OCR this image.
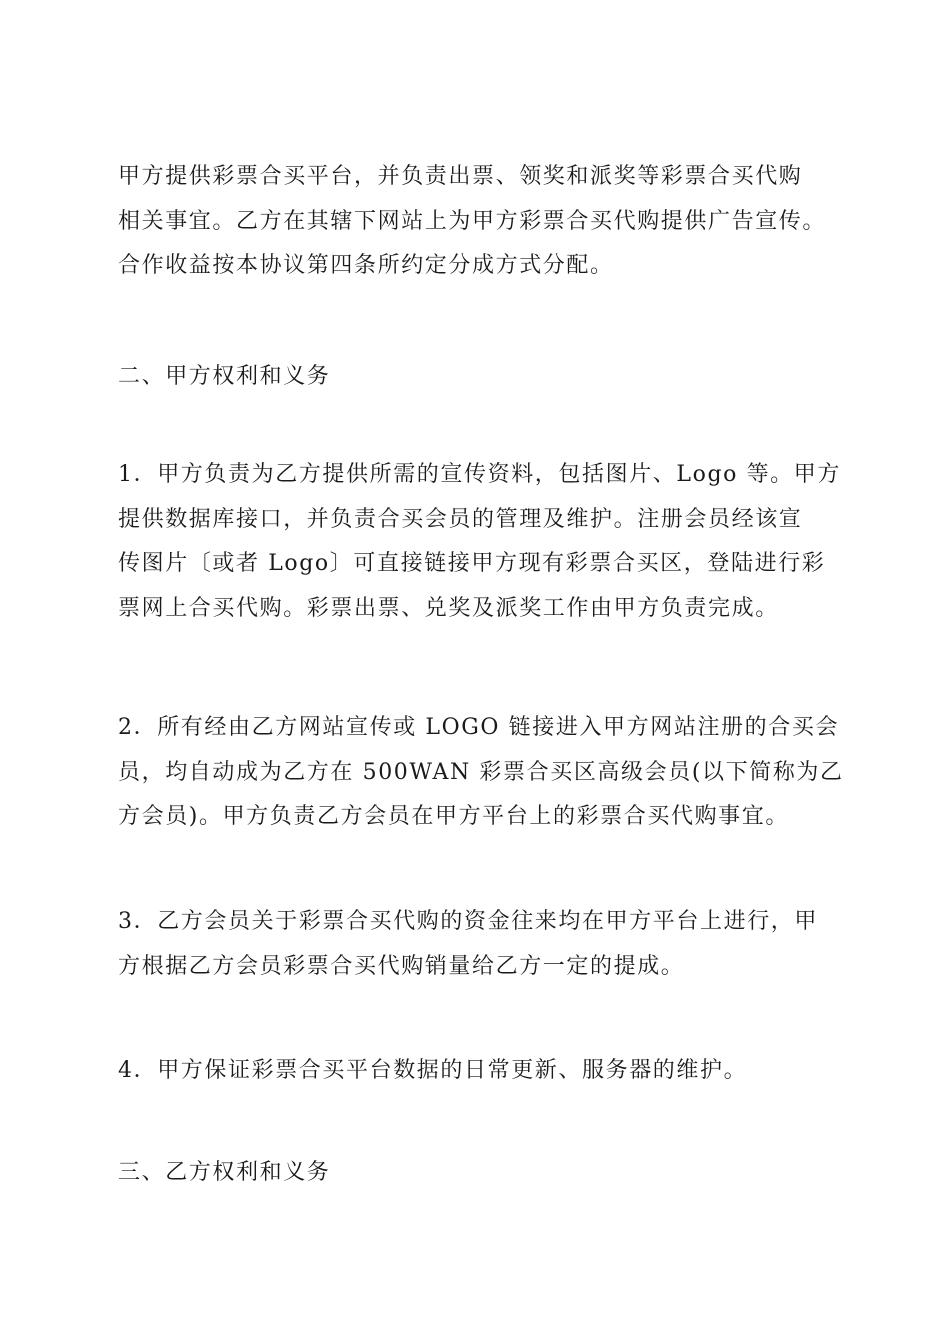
甲方提供彩票合买平台，并负责出票、领奖和派奖等彩票合买代购
相关事宜。乙方在其辖下网站上为甲方彩票合买代购提供广告宣传。
合作收益按本协议第四条所约定分成方式分配。

二、甲方权利和义务

1．甲方负责为乙方提供所需的宣传资料，包括图片、Logo 等。甲方
提供数据库接口，并负责合买会员的管理及维护。注册会员经该宣
传图片〔或者 Logo〕可直接链接甲方现有彩票合买区，登陆进行彩
票网上合买代购。彩票出票、兑奖及派奖工作由甲方负责完成。

2．所有经由乙方网站宣传或 LOGO 链接进入甲方网站注册的合买会
员，均自动成为乙方在 500WAN 彩票合买区高级会员(以下简称为乙
方会员)。甲方负责乙方会员在甲方平台上的彩票合买代购事宜。

3．乙方会员关于彩票合买代购的资金往来均在甲方平台上进行，甲
方根据乙方会员彩票合买代购销量给乙方一定的提成。

4．甲方保证彩票合买平台数据的日常更新、服务器的维护。

三、乙方权利和义务
